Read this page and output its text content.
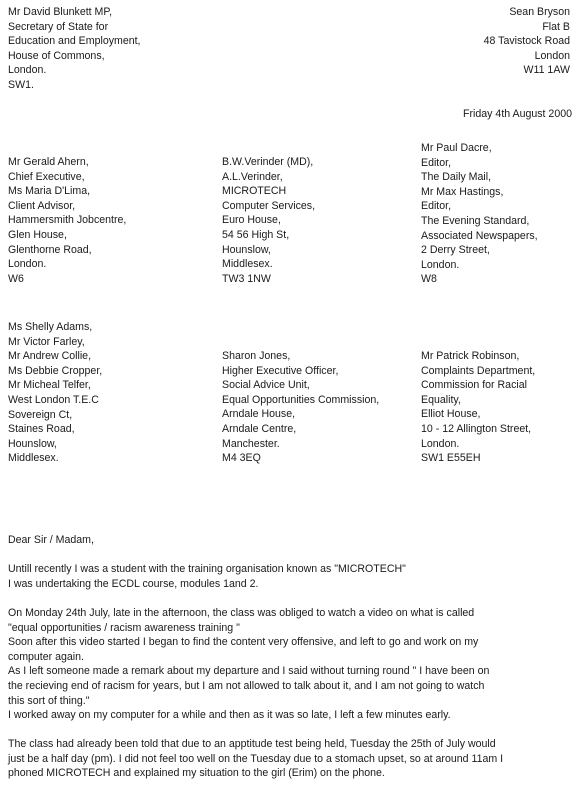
Mr David Blunkett MP,
Secretary of State for
Education and Employment,
House of Commons,
London.
SW1.
Sean Bryson
Flat B
48 Tavistock Road
London
W11 1AW
Friday 4th August 2000
Mr Gerald Ahern,
Chief Executive,
Ms Maria D'Lima,
Client Advisor,
Hammersmith Jobcentre,
Glen House,
Glenthorne Road,
London.
W6
B.W.Verinder (MD),
A.L.Verinder,
MICROTECH
Computer Services,
Euro House,
54 56 High St,
Hounslow,
Middlesex.
TW3 1NW
Mr Paul Dacre,
Editor,
The Daily Mail,
Mr Max Hastings,
Editor,
The Evening Standard,
Associated Newspapers,
2 Derry Street,
London.
W8
Ms Shelly Adams,
Mr Victor Farley,
Mr Andrew Collie,
Ms Debbie Cropper,
Mr Micheal Telfer,
West London T.E.C
Sovereign Ct,
Staines Road,
Hounslow,
Middlesex.
Sharon Jones,
Higher Executive Officer,
Social Advice Unit,
Equal Opportunities Commission,
Arndale House,
Arndale Centre,
Manchester.
M4 3EQ
Mr Patrick Robinson,
Complaints Department,
Commission for Racial
Equality,
Elliot House,
10 - 12 Allington Street,
London.
SW1 E55EH
Dear Sir / Madam,

Untill recently I was a student with the training organisation known as "MICROTECH"

I was undertaking the ECDL course, modules 1and 2.

On Monday 24th July, late in the afternoon, the class was obliged to watch a video on what is called

"equal opportunities / racism awareness training "

Soon after this video started I began to find the content very offensive, and left to go and work on my

computer again.

As I left someone made a remark about my departure and I said without turning round " I have been on

the recieving end of racism for years, but I am not allowed to talk about it, and I am not going to watch

this sort of thing."

I worked away on my computer for a while and then as it was so late, I left a few minutes early.

The class had already been told that due to an apptitude test being held, Tuesday the 25th of July would

just be a half day (pm). I did not feel too well on the Tuesday due to a stomach upset, so at around 11am I

phoned MICROTECH and explained my situation to the girl (Erim) on the phone.
